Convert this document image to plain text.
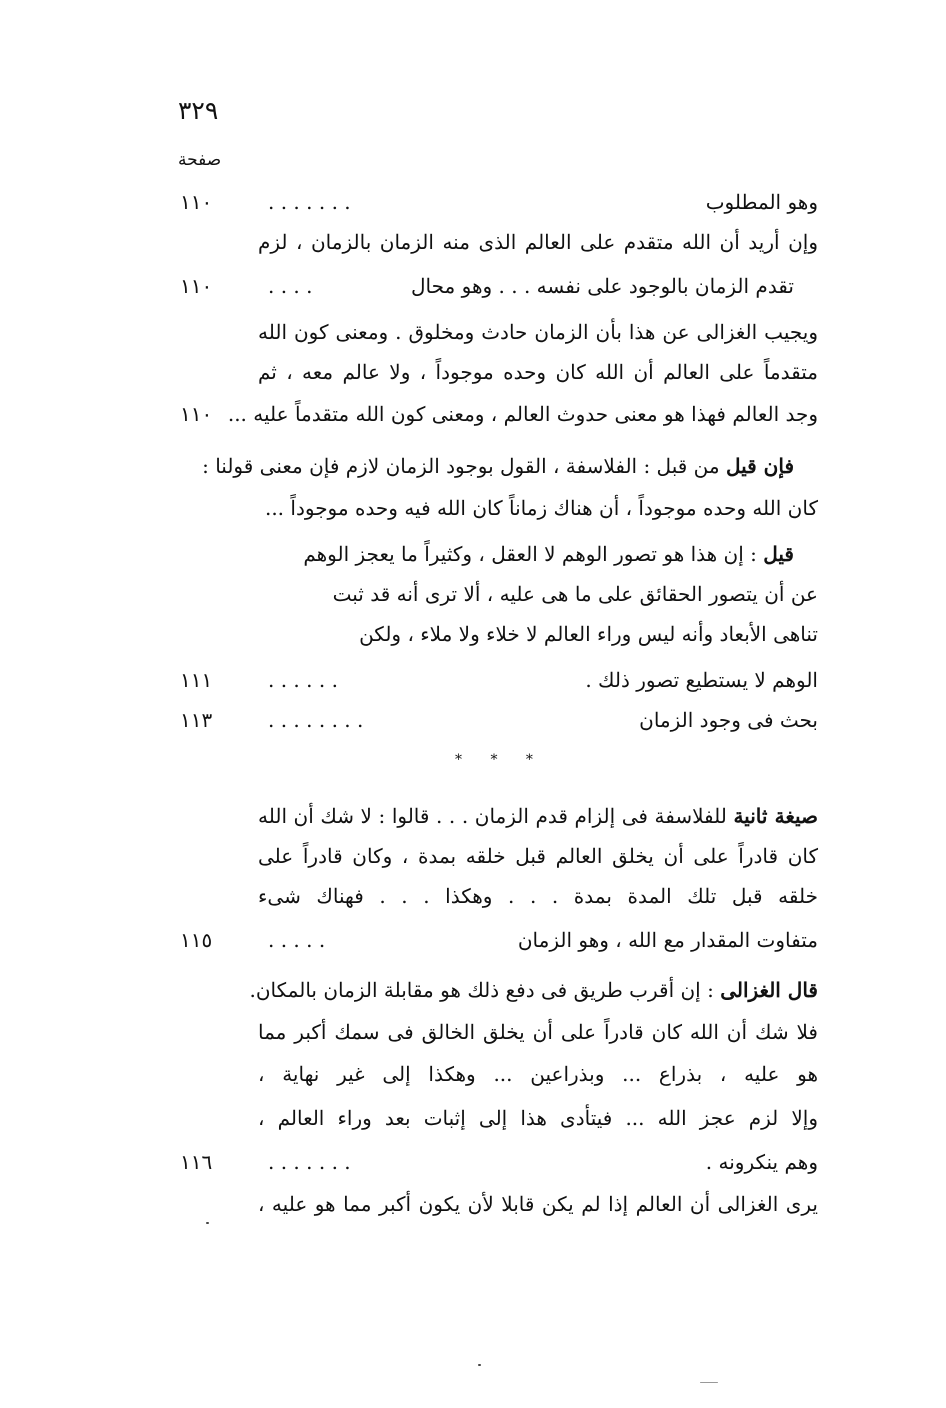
٣٢٩
صفحة
وهو المطلوب
. . . . . . .
١١٠
وإن أريد أن الله متقدم على العالم الذى منه الزمان بالزمان ، لزم
تقدم الزمان بالوجود على نفسه . . . وهو محال
. . . .
١١٠
ويجيب الغزالى عن هذا بأن الزمان حادث ومخلوق . ومعنى كون الله
متقدماً على العالم أن الله كان وحده موجوداً ، ولا عالم معه ، ثم
وجد العالم فهذا هو معنى حدوث العالم ، ومعنى كون الله متقدماً عليه ...
١١٠
فإن قيل من قبل : الفلاسفة ، القول بوجود الزمان لازم فإن معنى قولنا :
كان الله وحده موجوداً ، أن هناك زماناً كان الله فيه وحده موجوداً ...
قيل : إن هذا هو تصور الوهم لا العقل ، وكثيراً ما يعجز الوهم
عن أن يتصور الحقائق على ما هى عليه ، ألا ترى أنه قد ثبت
تناهى الأبعاد وأنه ليس وراء العالم لا خلاء ولا ملاء ، ولكن
الوهم لا يستطيع تصور ذلك .
. . . . . .
١١١
بحث فى وجود الزمان
. . . . . . . .
١١٣
* * *
صيغة ثانية للفلاسفة فى إلزام قدم الزمان . . . قالوا : لا شك أن الله
كان قادراً على أن يخلق العالم قبل خلقه بمدة ، وكان قادراً على
خلقه قبل تلك المدة بمدة . . . وهكذا . . . فهناك شىء
متفاوت المقدار مع الله ، وهو الزمان
. . . . .
١١٥
قال الغزالى : إن أقرب طريق فى دفع ذلك هو مقابلة الزمان بالمكان.
فلا شك أن الله كان قادراً على أن يخلق الخالق فى سمك أكبر مما
هو عليه ، بذراع ... وبذراعين ... وهكذا إلى غير نهاية ،
وإلا لزم عجز الله ... فيتأدى هذا إلى إثبات بعد وراء العالم ،
وهم ينكرونه .
. . . . . . .
١١٦
يرى الغزالى أن العالم إذا لم يكن قابلا لأن يكون أكبر مما هو عليه ،
